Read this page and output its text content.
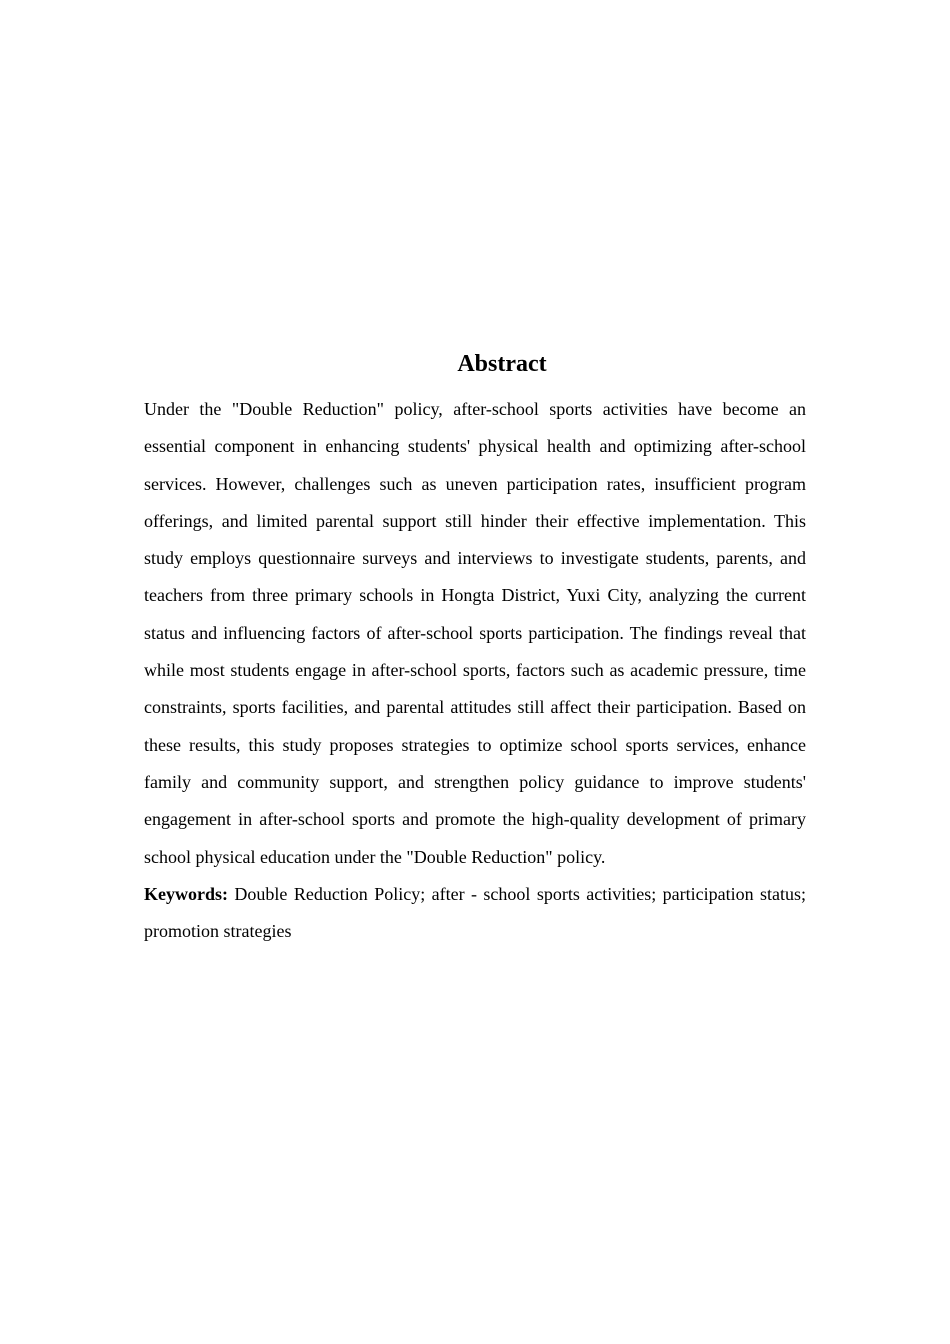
Abstract

Under the "Double Reduction" policy, after-school sports activities have become an essential component in enhancing students' physical health and optimizing after-school services. However, challenges such as uneven participation rates, insufficient program offerings, and limited parental support still hinder their effective implementation. This study employs questionnaire surveys and interviews to investigate students, parents, and teachers from three primary schools in Hongta District, Yuxi City, analyzing the current status and influencing factors of after-school sports participation. The findings reveal that while most students engage in after-school sports, factors such as academic pressure, time constraints, sports facilities, and parental attitudes still affect their participation. Based on these results, this study proposes strategies to optimize school sports services, enhance family and community support, and strengthen policy guidance to improve students' engagement in after-school sports and promote the high-quality development of primary school physical education under the "Double Reduction" policy.

Keywords: Double Reduction Policy; after - school sports activities; participation status; promotion strategies
